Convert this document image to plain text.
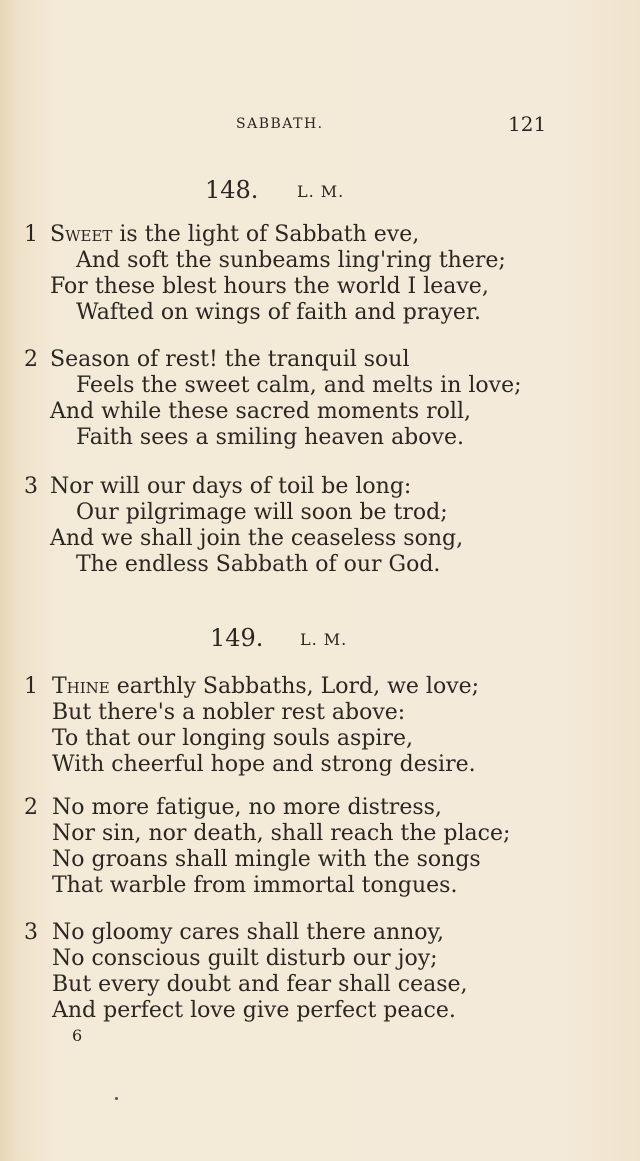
SABBATH.	121
148. L. M.
1 Sweet is the light of Sabbath eve,
And soft the sunbeams ling'ring there;
For these blest hours the world I leave,
Wafted on wings of faith and prayer.
2 Season of rest! the tranquil soul
Feels the sweet calm, and melts in love;
And while these sacred moments roll,
Faith sees a smiling heaven above.
3 Nor will our days of toil be long:
Our pilgrimage will soon be trod;
And we shall join the ceaseless song,
The endless Sabbath of our God.
149. L. M.
1 Thine earthly Sabbaths, Lord, we love;
But there's a nobler rest above:
To that our longing souls aspire,
With cheerful hope and strong desire.
2 No more fatigue, no more distress,
Nor sin, nor death, shall reach the place;
No groans shall mingle with the songs
That warble from immortal tongues.
3 No gloomy cares shall there annoy,
No conscious guilt disturb our joy;
But every doubt and fear shall cease,
And perfect love give perfect peace.
6
